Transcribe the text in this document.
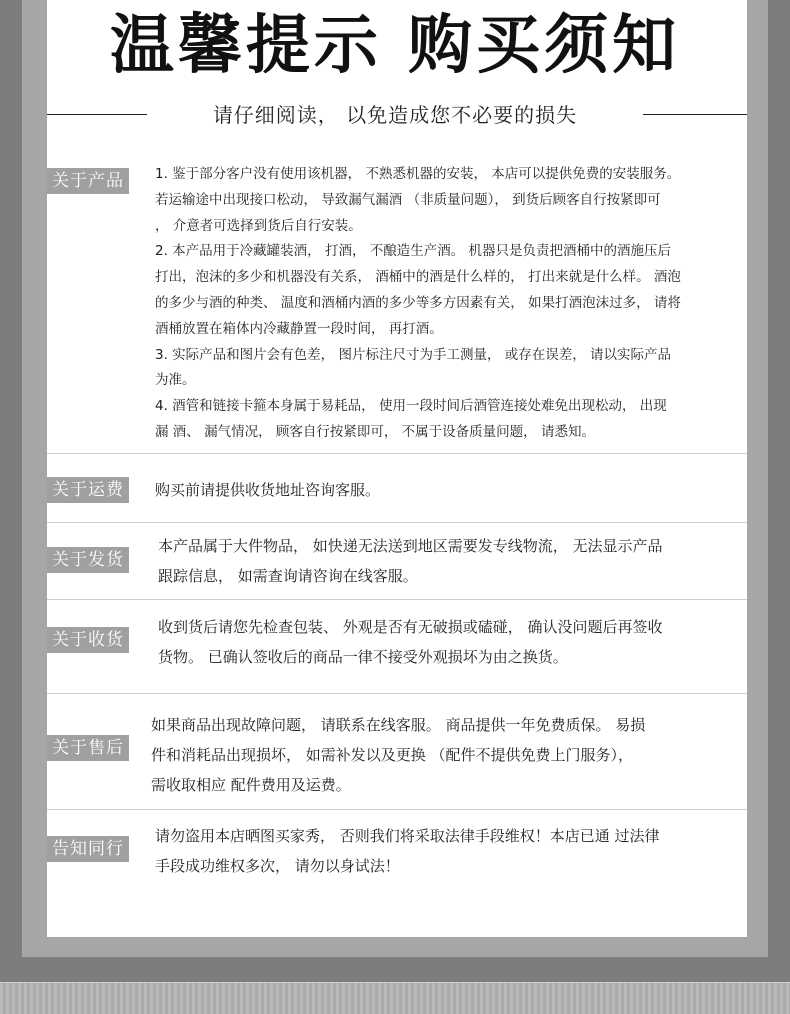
温馨提示 购买须知
请仔细阅读， 以免造成您不必要的损失
关于产品	1. 鉴于部分客户没有使用该机器， 不熟悉机器的安装， 本店可以提供免费的安装服务。
若运输途中出现接口松动， 导致漏气漏酒 （非质量问题）， 到货后顾客自行按紧即可
， 介意者可选择到货后自行安装。
2. 本产品用于冷藏罐装酒， 打酒， 不酿造生产酒。 机器只是负责把酒桶中的酒施压后
打出，泡沫的多少和机器没有关系， 酒桶中的酒是什么样的， 打出来就是什么样。 酒泡
的多少与酒的种类、 温度和酒桶内酒的多少等多方因素有关， 如果打酒泡沫过多， 请将
酒桶放置在箱体内冷藏静置一段时间， 再打酒。
3. 实际产品和图片会有色差， 图片标注尺寸为手工测量， 或存在误差， 请以实际产品
为准。
4. 酒管和链接卡箍本身属于易耗品， 使用一段时间后酒管连接处难免出现松动， 出现
漏 酒、 漏气情况， 顾客自行按紧即可， 不属于设备质量问题， 请悉知。
关于运费	购买前请提供收货地址咨询客服。
关于发货
本产品属于大件物品， 如快递无法送到地区需要发专线物流， 无法显示产品
跟踪信息， 如需查询请咨询在线客服。
关于收货
收到货后请您先检查包装、 外观是否有无破损或磕碰， 确认没问题后再签收
货物。 已确认签收后的商品一律不接受外观损坏为由之换货。
关于售后
如果商品出现故障问题， 请联系在线客服。 商品提供一年免费质保。 易损
件和消耗品出现损坏， 如需补发以及更换 （配件不提供免费上门服务），
需收取相应 配件费用及运费。
告知同行
请勿盗用本店晒图买家秀， 否则我们将采取法律手段维权！本店已通 过法律
手段成功维权多次， 请勿以身试法！
